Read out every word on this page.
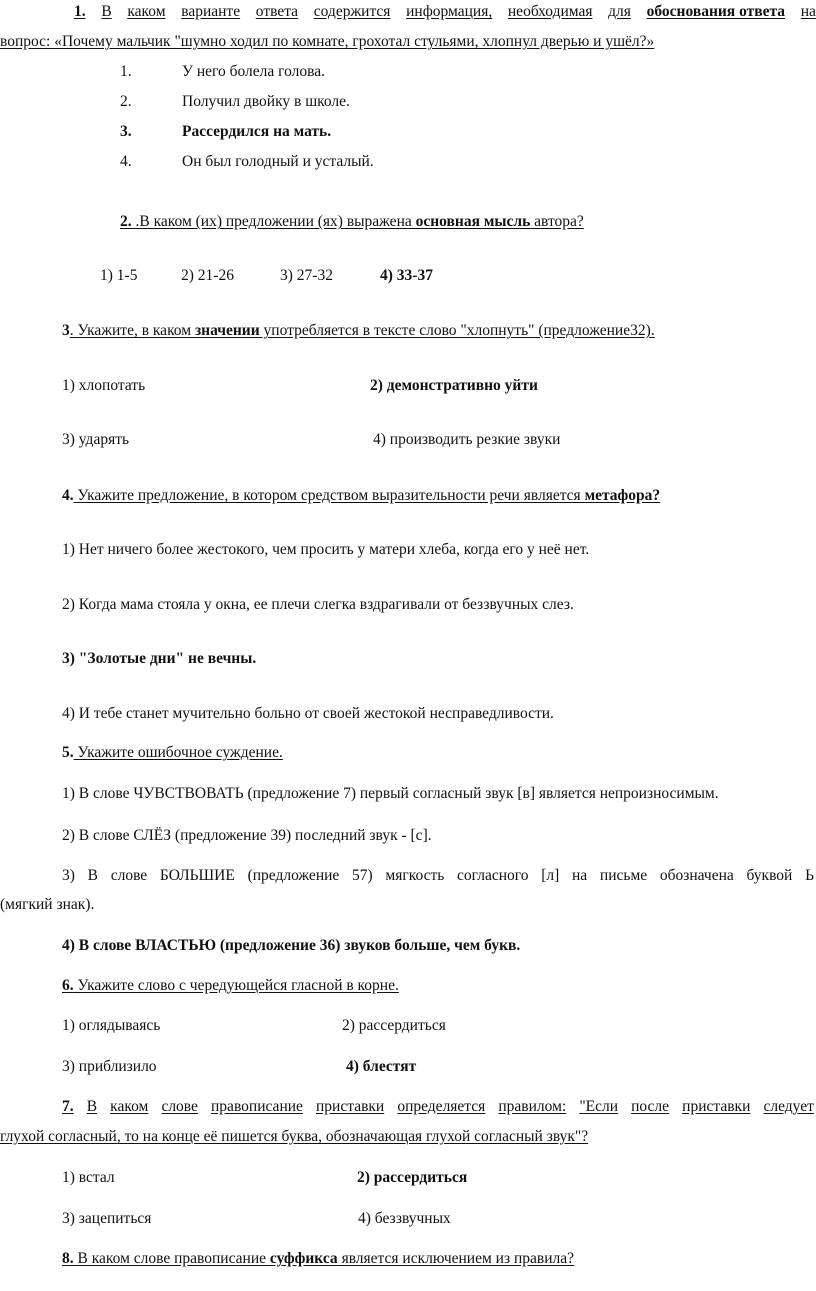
1. В каком варианте ответа содержится информация, необходимая для обоснования ответа на
вопрос: «Почему мальчик "шумно ходил по комнате, грохотал стульями, хлопнул дверью и ушёл?»
1.	У него болела голова.
2.	Получил двойку в школе.
3.	Рассердился на мать.
4.	Он был голодный и усталый.
2. .В каком (их) предложении (ях) выражена основная мысль автора?
1) 1-5	2) 21-26	3) 27-32	4) 33-37
3. Укажите, в каком значении употребляется в тексте слово "хлопнуть" (предложение32).
1) хлопотать	2) демонстративно уйти
3) ударять	4) производить резкие звуки
4. Укажите предложение, в котором средством выразительности речи является метафора?
1) Нет ничего более жестокого, чем просить у матери хлеба, когда его у неё нет.
2) Когда мама стояла у окна, ее плечи слегка вздрагивали от беззвучных слез.
3) "Золотые дни" не вечны.
4) И тебе станет мучительно больно от своей жестокой несправедливости.
5. Укажите ошибочное суждение.
1) В слове ЧУВСТВОВАТЬ (предложение 7) первый согласный звук [в] является непроизносимым.
2) В слове СЛЁЗ (предложение 39) последний звук - [с].
3) В слове БОЛЬШИЕ (предложение 57) мягкость согласного [л] на письме обозначена буквой Ь
(мягкий знак).
4) В слове ВЛАСТЬЮ (предложение 36) звуков больше, чем букв.
6. Укажите слово с чередующейся гласной в корне.
1) оглядываясь	2) рассердиться
3) приблизило	4) блестят
7. В каком слове правописание приставки определяется правилом: "Если после приставки следует
глухой согласный, то на конце её пишется буква, обозначающая глухой согласный звук"?
1) встал	2) рассердиться
3) зацепиться	4) беззвучных
8. В каком слове правописание суффикса является исключением из правила?
